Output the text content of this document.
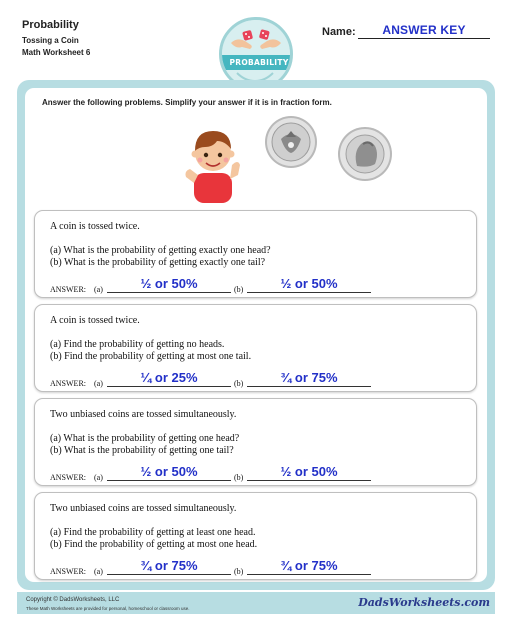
Probability
Tossing a Coin
Math Worksheet 6
PROBABILITY
Name:	ANSWER KEY
Answer the following problems. Simplify your answer if it is in fraction form.
A coin is tossed twice.
(a) What is the probability of getting exactly one head?
(b) What is the probability of getting exactly one tail?
ANSWER: (a)	½ or 50%	(b)	½ or 50%
A coin is tossed twice.
(a) Find the probability of getting no heads.
(b) Find the probability of getting at most one tail.
ANSWER: (a)	¼ or 25%	(b)	¾ or 75%
Two unbiased coins are tossed simultaneously.
(a) What is the probability of getting one head?
(b) What is the probability of getting one tail?
ANSWER: (a)	½ or 50%	(b)	½ or 50%
Two unbiased coins are tossed simultaneously.
(a) Find the probability of getting at least one head.
(b) Find the probability of getting at most one head.
ANSWER: (a)	¾ or 75%	(b)	¾ or 75%
Copyright © DadsWorksheets, LLC
These Math Worksheets are provided for personal, homeschool or classroom use.	DadsWorksheets.com
